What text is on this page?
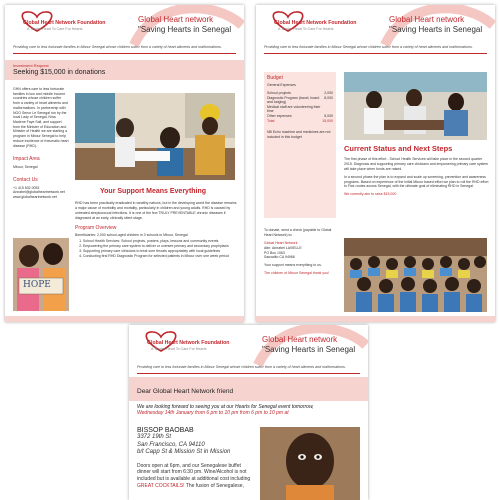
Global Heart Network Foundation
A Tender Heart To Care For Hearts
Global Heart network
"Saving Hearts in Senegal

Providing care to less fortunate families in Mbour Senegal whose children suffer from a variety of heart ailments and malformations.

Investment Request
Seeking $15,000 in donations

GHN offers care to less fortunate families in low and middle income countries whose children suffer from a variety of heart ailments and malformations. In partnership with NGO Senor Le Senegal run by the local Lady of Senegal, Nina Marlene Faye Sall, and support from the Minister of Education and Minister of Health we are starting a program in Mbour Senegal to help reduce incidence of rheumatic heart disease (RHD).

Impact Area

Mbour, Senegal

Contact Us

+1 415 832 0053

Annabel@globalheartnetwork.net

www.globalheartnetwork.net

Your Support Means Everything

RHD has been practically eradicated in wealthy nations, but in the developing world the disease remains a major cause of morbidity and mortality, particularly in children and young adults. RHD is caused by untreated streptococcal infections. It is one of the few TRULY PREVENTABLE chronic diseases if diagnosed at an early, clinically silent stage.

Program Overview

Beneficiaries: 2,000 school-aged children in 3 schools in Mbour, Senegal

1. School Health Services: School projects, posters, plays, lessons and community events
2. Empowering the primary care system to deliver or oversee primary and secondary prophylaxis
3. Supporting primary care clinicians to treat sore throats appropriately with local guidelines
4. Conducting first RHD Diagnostic Program for selected patients in Mbour over one week period
HOPE
Global Heart Network Foundation
A Tender Heart To Care For Hearts
Global Heart network
"Saving Hearts in Senegal

Providing care to less fortunate families in Mbour Senegal whose children suffer from a variety of heart ailments and malformations.

Budget

General Expenses

School projects	2,000
Diagnostic Program (travel, board and lodging)	8,000
Medical staff are volunteering their time	
Other expenses	5,000
Total	15,000

NB Echo machine and medicines are not included in this budget

Current Status and Next Steps

The first phase of this effort - School Health Services will take place in the second quarter 2015. Diagnosis and supporting primary care clinicians and empowering primary care system will take place when funds are raised.

In a second phase the plan is to expand and scale up screening, prevention and awareness programs. Based on experience of the initial Mbour based effort we plan to roll the RHD effort to Fixe-routes across Senegal, with the ultimate goal of eliminating RHD in Senegal.

We currently aim to raise $15,000

To donate, send a check (payable to Global Heart Network) to:

Global Heart Network

Attn: Annabel LAVIELLE

PO Box 1063

Sausalito CA 94966

Your support means everything to us.

The children of Mbour Senegal thank you!

Global Heart Network Foundation
A Tender Heart To Care For Hearts
Global Heart network
"Saving Hearts in Senegal

Providing care to less fortunate families in Mbour Senegal whose children suffer from a variety of heart ailments and malformations.

Dear Global Heart Network friend

We are looking forward to seeing you at our Hearts for Senegal event tomorrow,

Wednesday 14th January from 6 pm to 10 pm from 6 pm to 10 pm at

BISSOP BAOBAB

3372 19th St

San Francisco, CA 94110

b/t Capp St & Mission St in Mission

Doors open at 6pm, and our Senegalese buffet dinner will start from 6:30 pm. Wine/Alcohol is not included but is available at additional cost including GREAT COCKTAILS! The fusion of Senegalese,
